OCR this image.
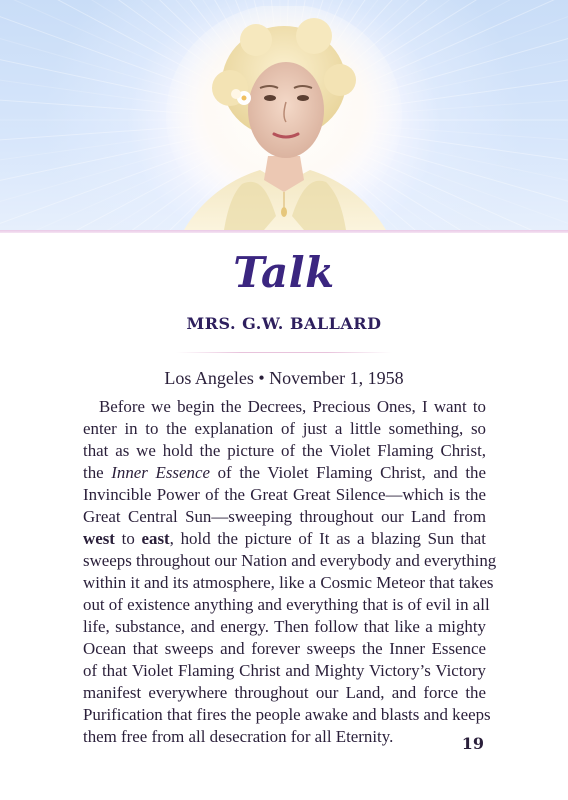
Talk
MRS. G.W. BALLARD
Los Angeles • November 1, 1958
Before we begin the Decrees, Precious Ones, I want to
enter in to the explanation of just a little something, so
that as we hold the picture of the Violet Flaming Christ,
the Inner Essence of the Violet Flaming Christ, and the
Invincible Power of the Great Great Silence—which is the
Great Central Sun—sweeping throughout our Land from
west to east, hold the picture of It as a blazing Sun that
sweeps throughout our Nation and everybody and everything
within it and its atmosphere, like a Cosmic Meteor that takes
out of existence anything and everything that is of evil in all
life, substance, and energy. Then follow that like a mighty
Ocean that sweeps and forever sweeps the Inner Essence
of that Violet Flaming Christ and Mighty Victory’s Victory
manifest everywhere throughout our Land, and force the
Purification that fires the people awake and blasts and keeps
them free from all desecration for all Eternity.	19
